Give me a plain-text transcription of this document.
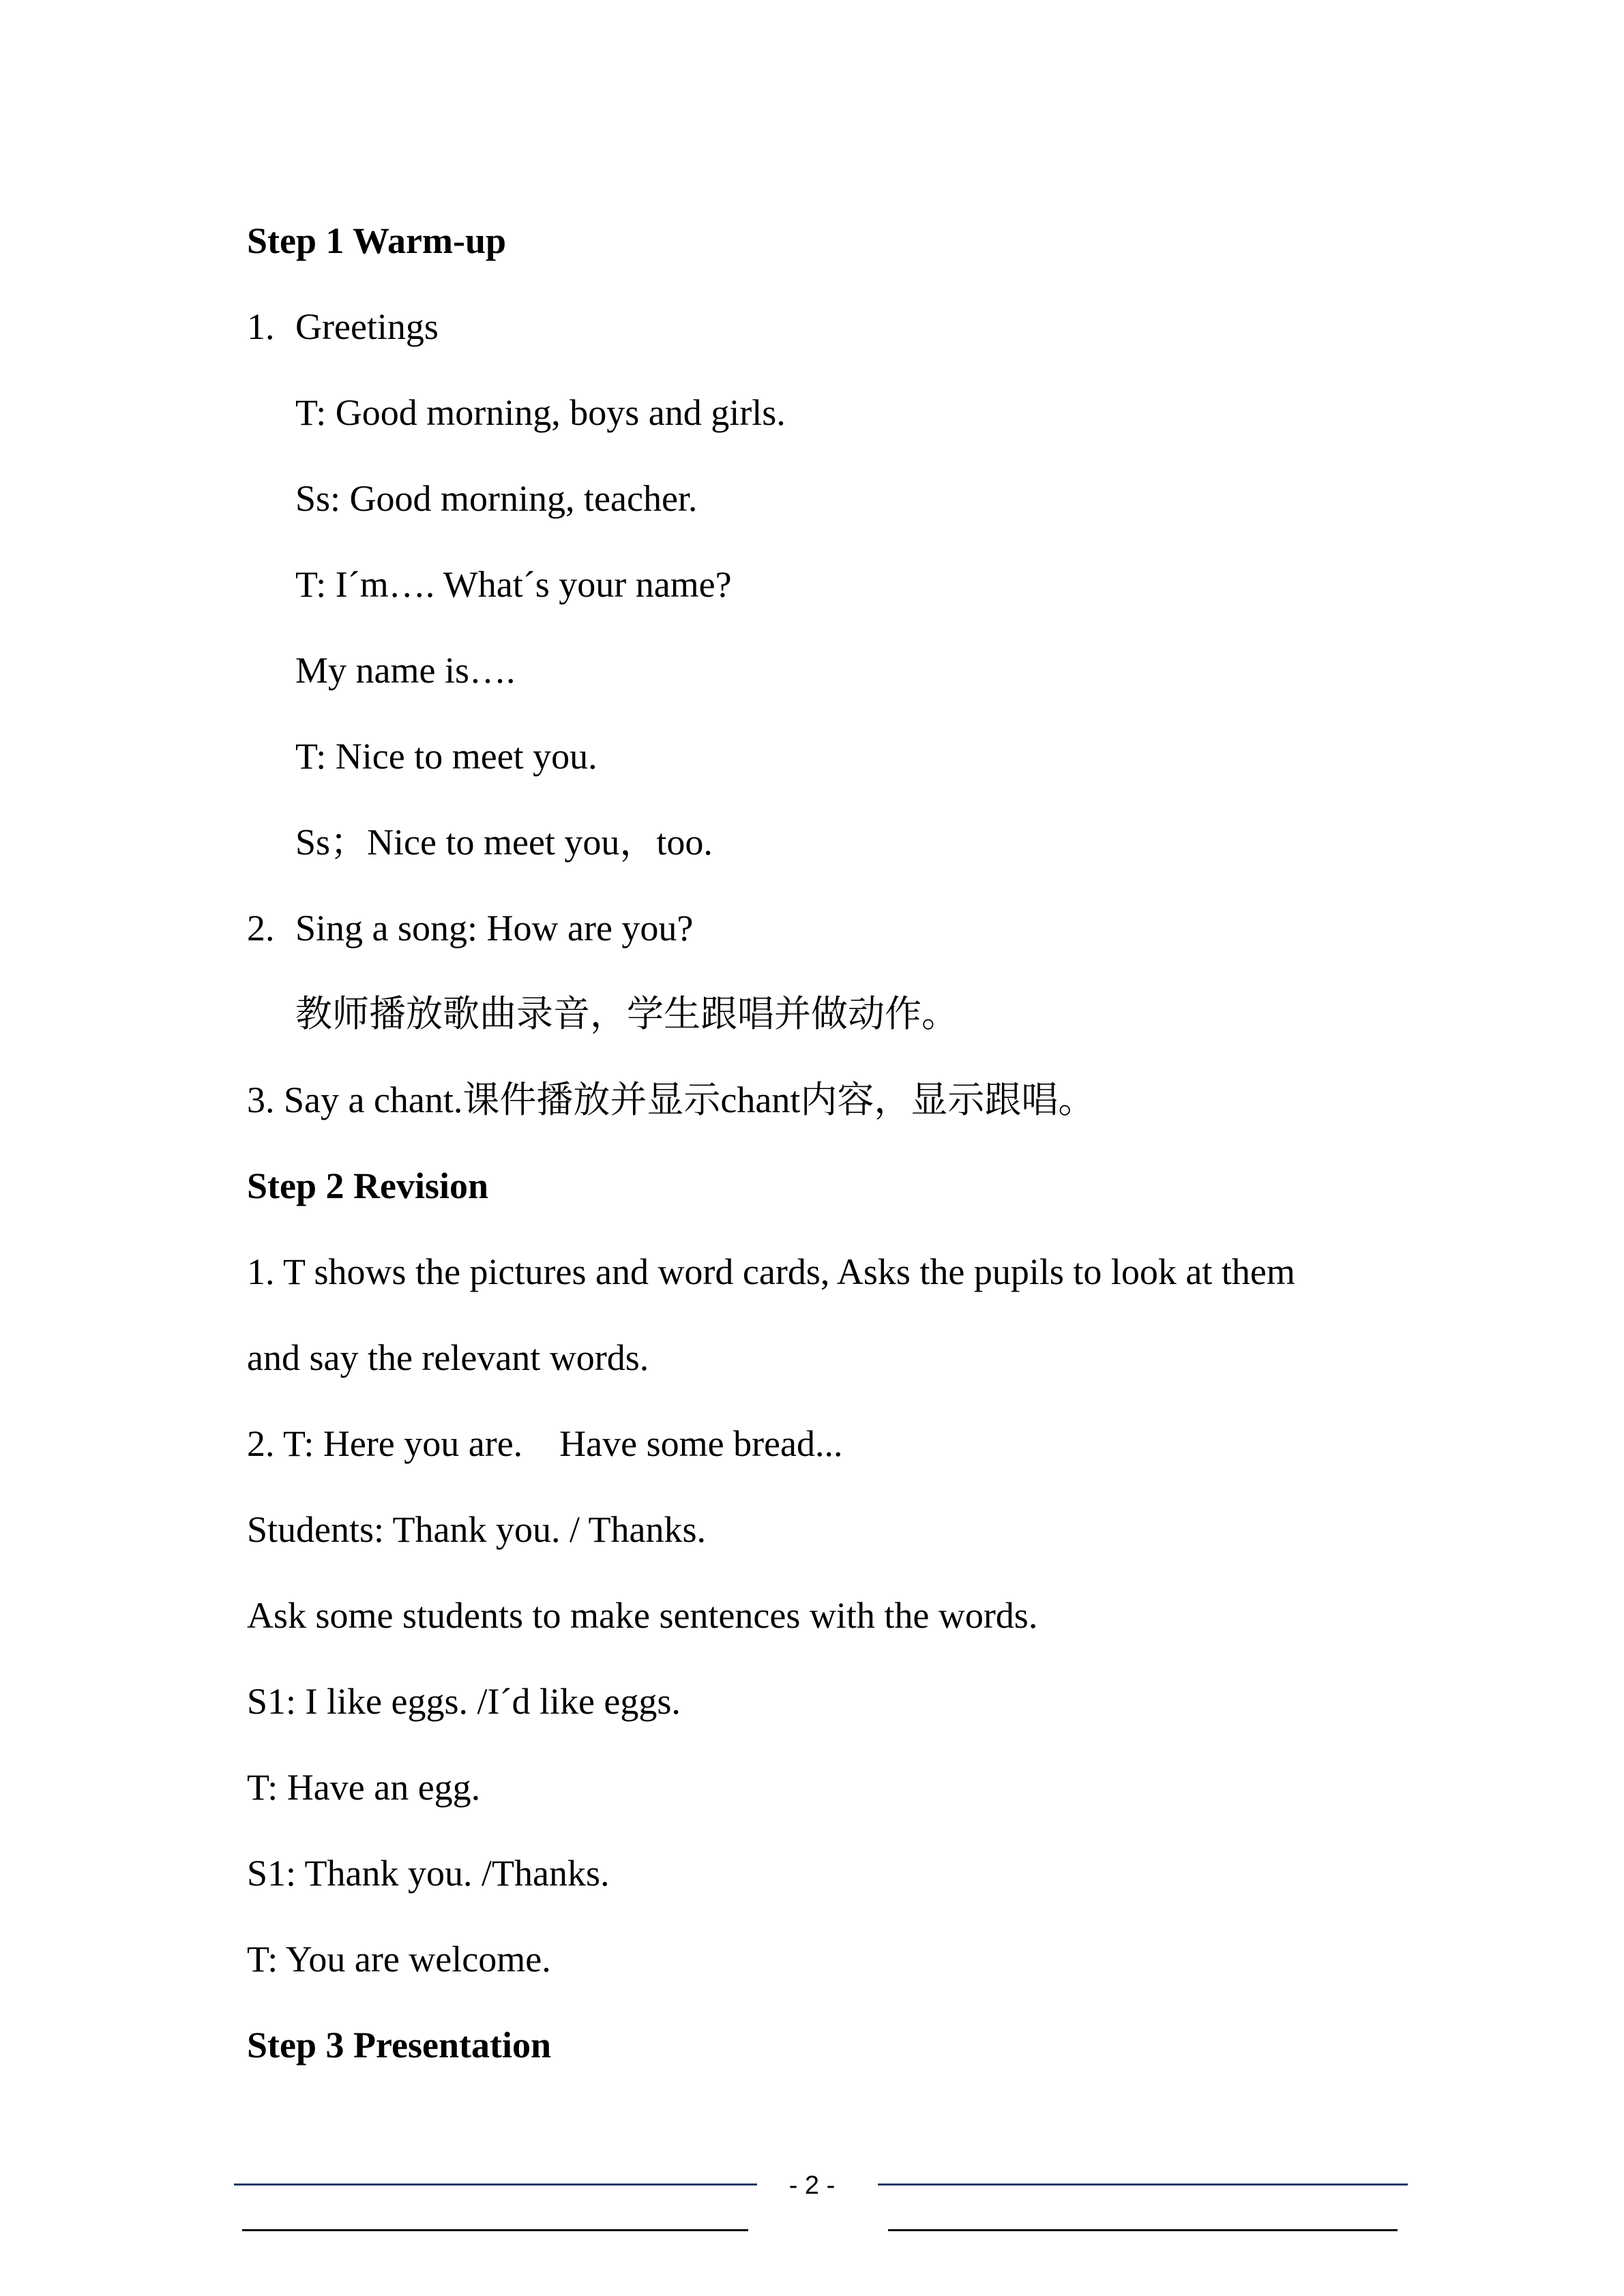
Step 1 Warm-up
1. Greetings
T: Good morning, boys and girls.
Ss: Good morning, teacher.
T: I´m…. What´s your name?
My name is….
T: Nice to meet you.
Ss；Nice to meet you，too.
2. Sing a song: How are you?
教师播放歌曲录音，学生跟唱并做动作。
3. Say a chant.课件播放并显示chant内容，显示跟唱。
Step 2 Revision
1. T shows the pictures and word cards, Asks the pupils to look at them
and say the relevant words.
2. T: Here you are.    Have some bread...
Students: Thank you. / Thanks.
Ask some students to make sentences with the words.
S1: I like eggs. /I´d like eggs.
T: Have an egg.
S1: Thank you. /Thanks.
T: You are welcome.
Step 3 Presentation
- 2 -
